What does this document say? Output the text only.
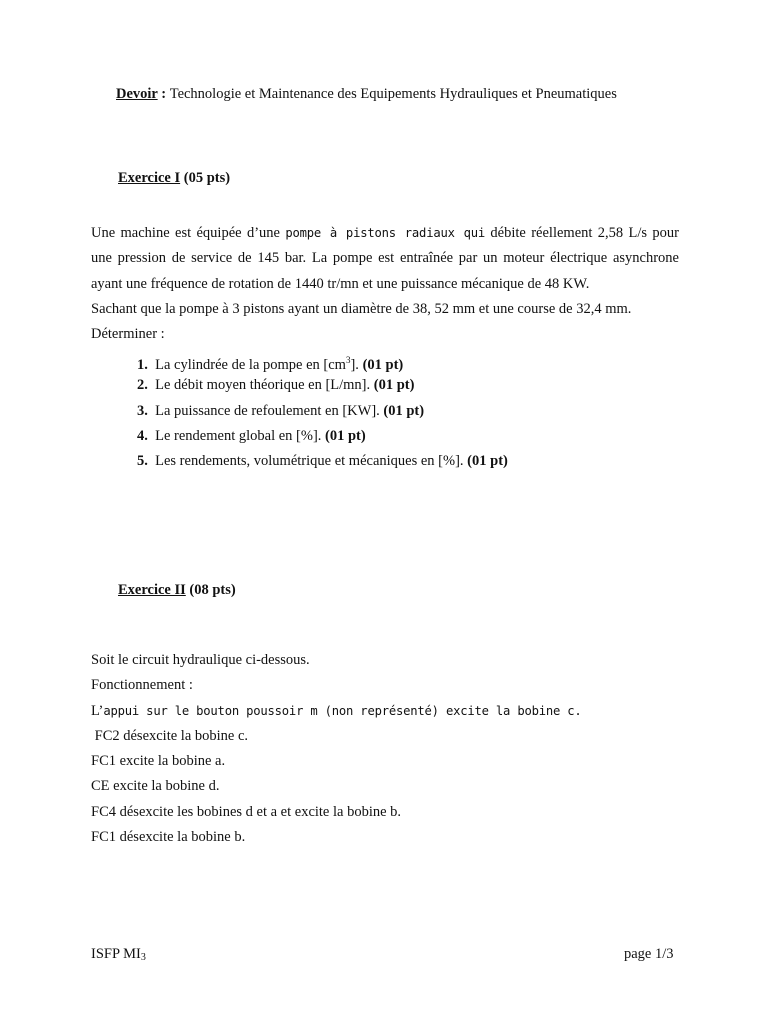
Devoir : Technologie et Maintenance des Equipements Hydrauliques et Pneumatiques
Exercice I (05 pts)

Une machine est équipée d’une pompe à pistons radiaux qui débite réellement 2,58 L/s pour

une pression de service de 145 bar. La pompe est entraînée par un moteur électrique asynchrone

ayant une fréquence de rotation de 1440 tr/mn et une puissance mécanique de 48 KW.

Sachant que la pompe à 3 pistons ayant un diamètre de 38, 52 mm et une course de 32,4 mm.

Déterminer :

1. La cylindrée de la pompe en $[cm^3]$. (01 pt)
2. Le débit moyen théorique en [L/mn]. (01 pt)
3. La puissance de refoulement en [KW]. (01 pt)
4. Le rendement global en [%]. (01 pt)
5. Les rendements, volumétrique et mécaniques en [%]. (01 pt)
Exercice II (08 pts)

Soit le circuit hydraulique ci-dessous.

Fonctionnement :

L’appui sur le bouton poussoir m (non représenté) excite la bobine c.

FC2 désexcite la bobine c.

FC1 excite la bobine a.

CE excite la bobine d.

FC4 désexcite les bobines d et a et excite la bobine b.

FC1 désexcite la bobine b.

ISFP MI3	page 1/3
